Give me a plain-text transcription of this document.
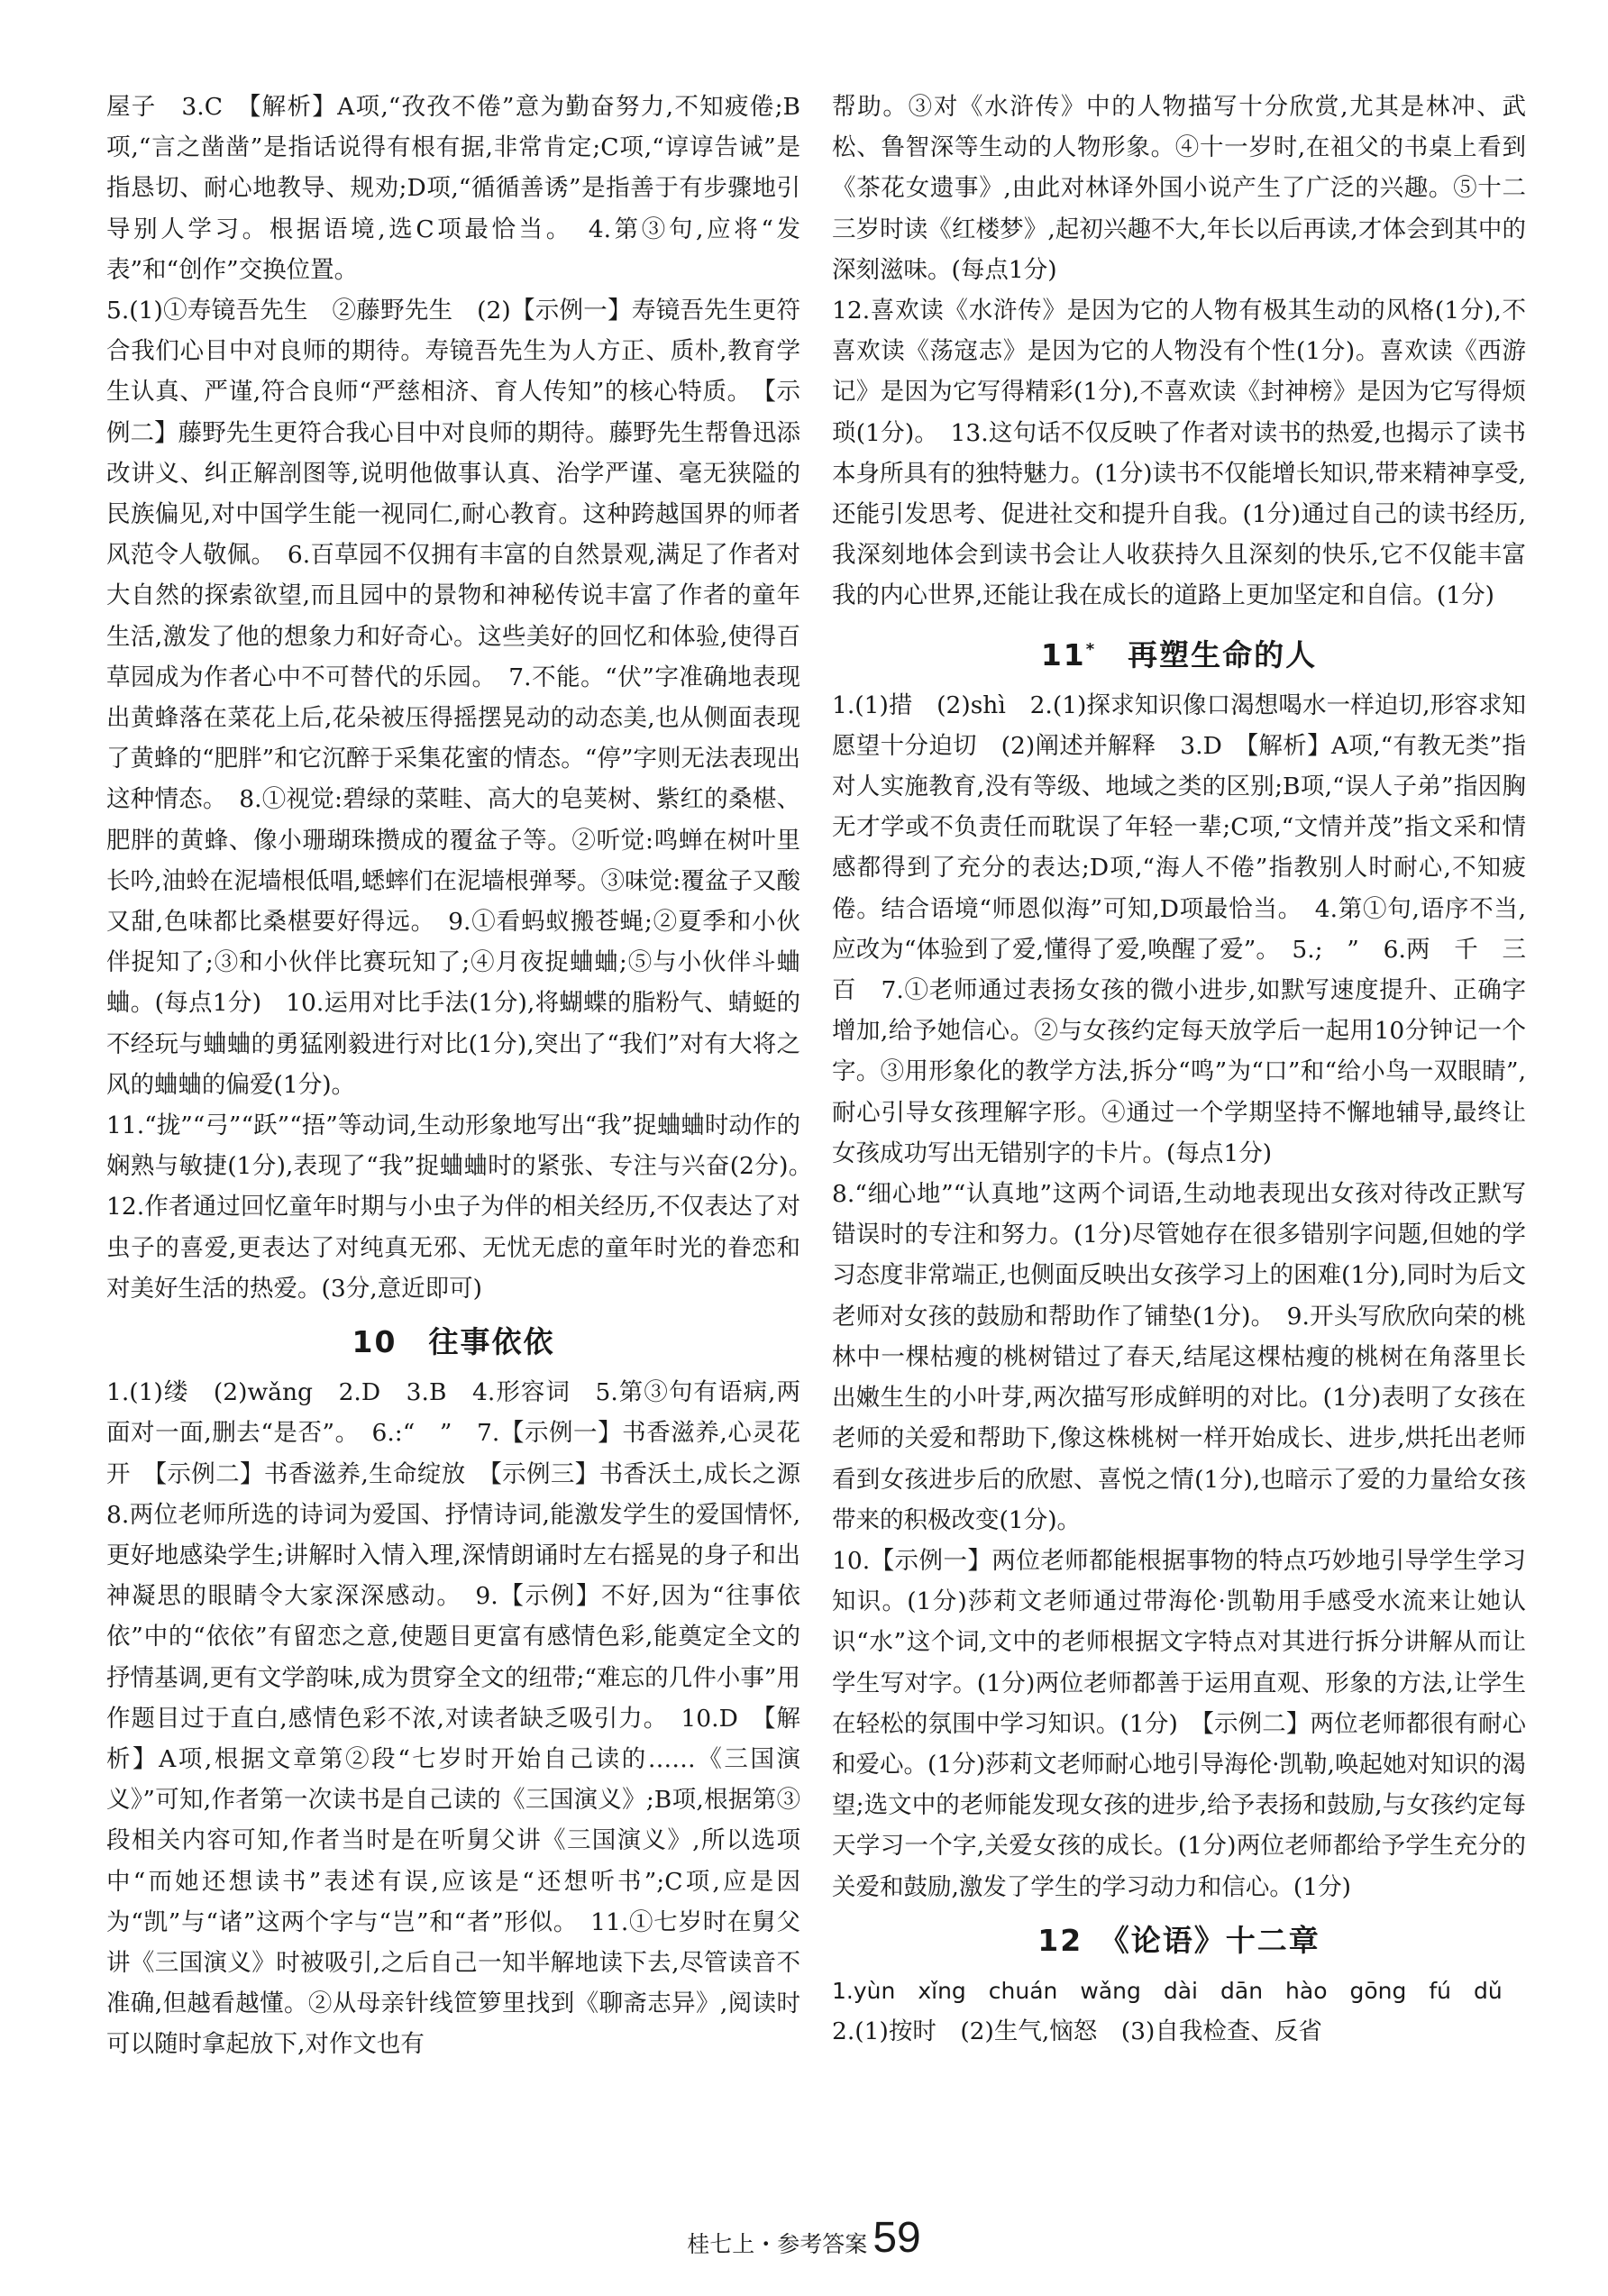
屋子　3.C　【解析】A项,“孜孜不倦”意为勤奋努力,不知疲倦;B项,“言之凿凿”是指话说得有根有据,非常肯定;C项,“谆谆告诫”是指恳切、耐心地教导、规劝;D项,“循循善诱”是指善于有步骤地引导别人学习。根据语境,选C项最恰当。　4.第③句,应将“发表”和“创作”交换位置。

5.(1)①寿镜吾先生　②藤野先生　(2)【示例一】寿镜吾先生更符合我们心目中对良师的期待。寿镜吾先生为人方正、质朴,教育学生认真、严谨,符合良师“严慈相济、育人传知”的核心特质。　【示例二】藤野先生更符合我心目中对良师的期待。藤野先生帮鲁迅添改讲义、纠正解剖图等,说明他做事认真、治学严谨、毫无狭隘的民族偏见,对中国学生能一视同仁,耐心教育。这种跨越国界的师者风范令人敬佩。　6.百草园不仅拥有丰富的自然景观,满足了作者对大自然的探索欲望,而且园中的景物和神秘传说丰富了作者的童年生活,激发了他的想象力和好奇心。这些美好的回忆和体验,使得百草园成为作者心中不可替代的乐园。　7.不能。“伏”字准确地表现出黄蜂落在菜花上后,花朵被压得摇摆晃动的动态美,也从侧面表现了黄蜂的“肥胖”和它沉醉于采集花蜜的情态。“停”字则无法表现出这种情态。　8.①视觉:碧绿的菜畦、高大的皂荚树、紫红的桑椹、肥胖的黄蜂、像小珊瑚珠攒成的覆盆子等。②听觉:鸣蝉在树叶里长吟,油蛉在泥墙根低唱,蟋蟀们在泥墙根弹琴。③味觉:覆盆子又酸又甜,色味都比桑椹要好得远。　9.①看蚂蚁搬苍蝇;②夏季和小伙伴捉知了;③和小伙伴比赛玩知了;④月夜捉蛐蛐;⑤与小伙伴斗蛐蛐。(每点1分)　10.运用对比手法(1分),将蝴蝶的脂粉气、蜻蜓的不经玩与蛐蛐的勇猛刚毅进行对比(1分),突出了“我们”对有大将之风的蛐蛐的偏爱(1分)。

11.“拢”“弓”“跃”“捂”等动词,生动形象地写出“我”捉蛐蛐时动作的娴熟与敏捷(1分),表现了“我”捉蛐蛐时的紧张、专注与兴奋(2分)。　12.作者通过回忆童年时期与小虫子为伴的相关经历,不仅表达了对虫子的喜爱,更表达了对纯真无邪、无忧无虑的童年时光的眷恋和对美好生活的热爱。(3分,意近即可)

10　往事依依

1.(1)缕　(2)wǎng　2.D　3.B　4.形容词　5.第③句有语病,两面对一面,删去“是否”。　6.:“　”　7.【示例一】书香滋养,心灵花开　【示例二】书香滋养,生命绽放　【示例三】书香沃土,成长之源　8.两位老师所选的诗词为爱国、抒情诗词,能激发学生的爱国情怀,更好地感染学生;讲解时入情入理,深情朗诵时左右摇晃的身子和出神凝思的眼睛令大家深深感动。　9.【示例】不好,因为“往事依依”中的“依依”有留恋之意,使题目更富有感情色彩,能奠定全文的抒情基调,更有文学韵味,成为贯穿全文的纽带;“难忘的几件小事”用作题目过于直白,感情色彩不浓,对读者缺乏吸引力。　10.D　【解析】A项,根据文章第②段“七岁时开始自己读的……《三国演义》”可知,作者第一次读书是自己读的《三国演义》;B项,根据第③段相关内容可知,作者当时是在听舅父讲《三国演义》,所以选项中“而她还想读书”表述有误,应该是“还想听书”;C项,应是因为“凯”与“诸”这两个字与“岂”和“者”形似。　11.①七岁时在舅父讲《三国演义》时被吸引,之后自己一知半解地读下去,尽管读音不准确,但越看越懂。②从母亲针线笸箩里找到《聊斋志异》,阅读时可以随时拿起放下,对作文也有

帮助。③对《水浒传》中的人物描写十分欣赏,尤其是林冲、武松、鲁智深等生动的人物形象。④十一岁时,在祖父的书桌上看到《茶花女遗事》,由此对林译外国小说产生了广泛的兴趣。⑤十二三岁时读《红楼梦》,起初兴趣不大,年长以后再读,才体会到其中的深刻滋味。(每点1分)

12.喜欢读《水浒传》是因为它的人物有极其生动的风格(1分),不喜欢读《荡寇志》是因为它的人物没有个性(1分)。喜欢读《西游记》是因为它写得精彩(1分),不喜欢读《封神榜》是因为它写得烦琐(1分)。　13.这句话不仅反映了作者对读书的热爱,也揭示了读书本身所具有的独特魅力。(1分)读书不仅能增长知识,带来精神享受,还能引发思考、促进社交和提升自我。(1分)通过自己的读书经历,我深刻地体会到读书会让人收获持久且深刻的快乐,它不仅能丰富我的内心世界,还能让我在成长的道路上更加坚定和自信。(1分)

11*　 再塑生命的人

1.(1)措　(2)shì　2.(1)探求知识像口渴想喝水一样迫切,形容求知愿望十分迫切　(2)阐述并解释　3.D　【解析】A项,“有教无类”指对人实施教育,没有等级、地域之类的区别;B项,“误人子弟”指因胸无才学或不负责任而耽误了年轻一辈;C项,“文情并茂”指文采和情感都得到了充分的表达;D项,“海人不倦”指教别人时耐心,不知疲倦。结合语境“师恩似海”可知,D项最恰当。　4.第①句,语序不当,应改为“体验到了爱,懂得了爱,唤醒了爱”。　5.;　”　6.两　千　三　百　7.①老师通过表扬女孩的微小进步,如默写速度提升、正确字增加,给予她信心。②与女孩约定每天放学后一起用10分钟记一个字。③用形象化的教学方法,拆分“鸣”为“口”和“给小鸟一双眼睛”,耐心引导女孩理解字形。④通过一个学期坚持不懈地辅导,最终让女孩成功写出无错别字的卡片。(每点1分)

8.“细心地”“认真地”这两个词语,生动地表现出女孩对待改正默写错误时的专注和努力。(1分)尽管她存在很多错别字问题,但她的学习态度非常端正,也侧面反映出女孩学习上的困难(1分),同时为后文老师对女孩的鼓励和帮助作了铺垫(1分)。　9.开头写欣欣向荣的桃林中一棵枯瘦的桃树错过了春天,结尾这棵枯瘦的桃树在角落里长出嫩生生的小叶芽,两次描写形成鲜明的对比。(1分)表明了女孩在老师的关爱和帮助下,像这株桃树一样开始成长、进步,烘托出老师看到女孩进步后的欣慰、喜悦之情(1分),也暗示了爱的力量给女孩带来的积极改变(1分)。

10.【示例一】两位老师都能根据事物的特点巧妙地引导学生学习知识。(1分)莎莉文老师通过带海伦·凯勒用手感受水流来让她认识“水”这个词,文中的老师根据文字特点对其进行拆分讲解从而让学生写对字。(1分)两位老师都善于运用直观、形象的方法,让学生在轻松的氛围中学习知识。(1分)　【示例二】两位老师都很有耐心和爱心。(1分)莎莉文老师耐心地引导海伦·凯勒,唤起她对知识的渴望;选文中的老师能发现女孩的进步,给予表扬和鼓励,与女孩约定每天学习一个字,关爱女孩的成长。(1分)两位老师都给予学生充分的关爱和鼓励,激发了学生的学习动力和信心。(1分)

12　《论语》十二章

1.yùn　xǐng　chuán　wǎng　dài　dān　hào　gōng　fú　dǔ　2.(1)按时　(2)生气,恼怒　(3)自我检查、反省

桂七上・参考答案 59
